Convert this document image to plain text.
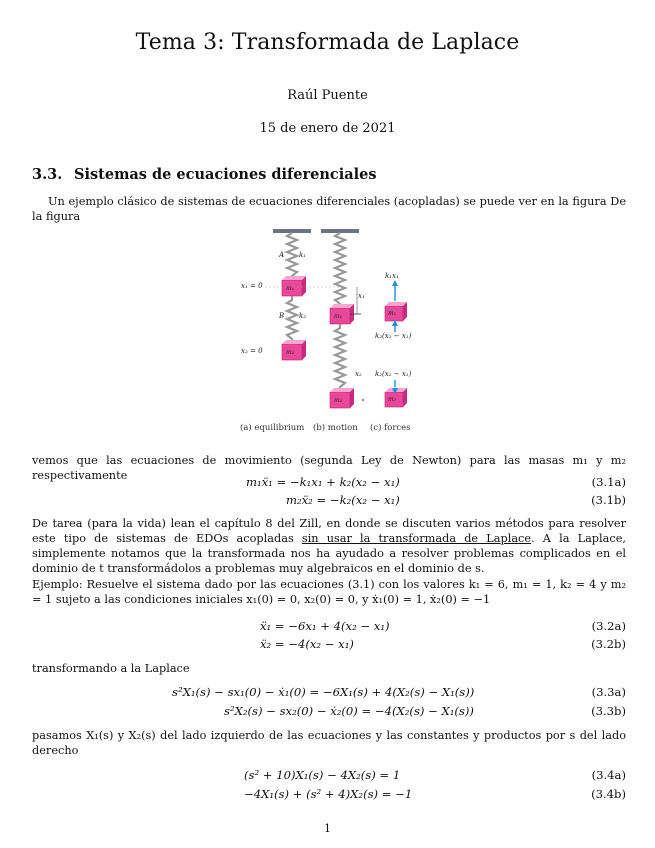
Tema 3: Transformada de Laplace
Raúl Puente
15 de enero de 2021
3.3. Sistemas de ecuaciones diferenciales
Un ejemplo clásico de sistemas de ecuaciones diferenciales (acopladas) se puede ver en la figura De la figura
A k₁
x₁ = 0
B k₂
x₂ = 0
m₁
m₂
m₁
m₂
m₁
m₂
x₁
x₂
k₁x₁
k₂(x₂ − x₁)
k₂(x₂ − x₁)
(a) equilibrium (b) motion (c) forces
vemos que las ecuaciones de movimiento (segunda Ley de Newton) para las masas m₁ y m₂ respectivamente	m₁ẍ₁ = −k₁x₁ + k₂(x₂ − x₁)	(3.1a)
m₂ẍ₂ = −k₂(x₂ − x₁)	(3.1b)
De tarea (para la vida) lean el capítulo 8 del Zill, en donde se discuten varios métodos para resolver este tipo de sistemas de EDOs acopladas sin usar la transformada de Laplace. A la Laplace, simplemente notamos que la transformada nos ha ayudado a resolver problemas complicados en el dominio de t transformádolos a problemas muy algebraicos en el dominio de s.
Ejemplo: Resuelve el sistema dado por las ecuaciones (3.1) con los valores k₁ = 6, m₁ = 1, k₂ = 4 y m₂ = 1 sujeto a las condiciones iniciales x₁(0) = 0, x₂(0) = 0, y ẋ₁(0) = 1, ẋ₂(0) = −1
ẍ₁ = −6x₁ + 4(x₂ − x₁)	(3.2a)
ẍ₂ = −4(x₂ − x₁)	(3.2b)
transformando a la Laplace
s²X₁(s) − sx₁(0) − ẋ₁(0) = −6X₁(s) + 4(X₂(s) − X₁(s))	(3.3a)
s²X₂(s) − sx₂(0) − ẋ₂(0) = −4(X₂(s) − X₁(s))	(3.3b)
pasamos X₁(s) y X₂(s) del lado izquierdo de las ecuaciones y las constantes y productos por s del lado derecho
(s² + 10)X₁(s) − 4X₂(s) = 1	(3.4a)
−4X₁(s) + (s² + 4)X₂(s) = −1	(3.4b)
1
